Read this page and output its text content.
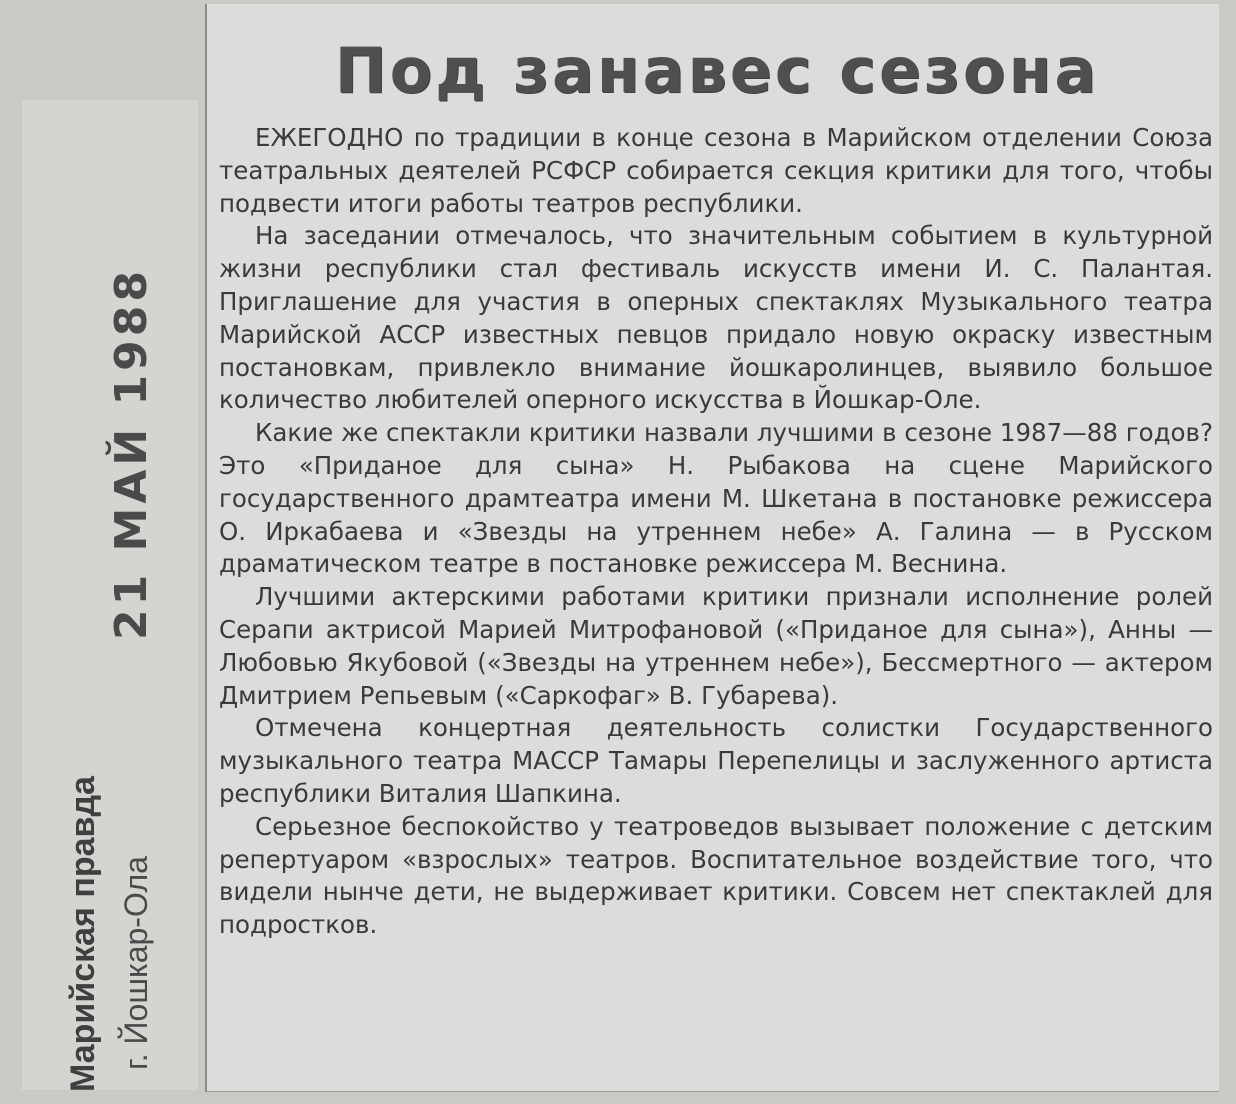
21 МАЙ 1988
Марийская правда г. Йошкар-Ола
Под занавес сезона

ЕЖЕГОДНО по традиции в конце сезона в Марийском отделении Союза театральных деятелей РСФСР собирается секция критики для того, чтобы подвести итоги работы театров республики.

На заседании отмечалось, что значительным событием в культурной жизни республики стал фестиваль искусств имени И. С. Палантая. Приглашение для участия в оперных спектаклях Музыкального театра Марийской АССР известных певцов придало новую окраску известным постановкам, привлекло внимание йошкаролинцев, выявило большое количество любителей оперного искусства в Йошкар-Оле.

Какие же спектакли критики назвали лучшими в сезоне 1987—88 годов? Это «Приданое для сына» Н. Рыбакова на сцене Марийского государственного драмтеатра имени М. Шкетана в постановке режиссера О. Иркабаева и «Звезды на утреннем небе» А. Галина — в Русском драматическом театре в постановке режиссера М. Веснина.

Лучшими актерскими работами критики признали исполнение ролей Серапи актрисой Марией Митрофановой («Приданое для сына»), Анны — Любовью Якубовой («Звезды на утреннем небе»), Бессмертного — актером Дмитрием Репьевым («Саркофаг» В. Губарева).

Отмечена концертная деятельность солистки Государственного музыкального театра МАССР Тамары Перепелицы и заслуженного артиста республики Виталия Шапкина.

Серьезное беспокойство у театроведов вызывает положение с детским репертуаром «взрослых» театров. Воспитательное воздействие того, что видели нынче дети, не выдерживает критики. Совсем нет спектаклей для подростков.
